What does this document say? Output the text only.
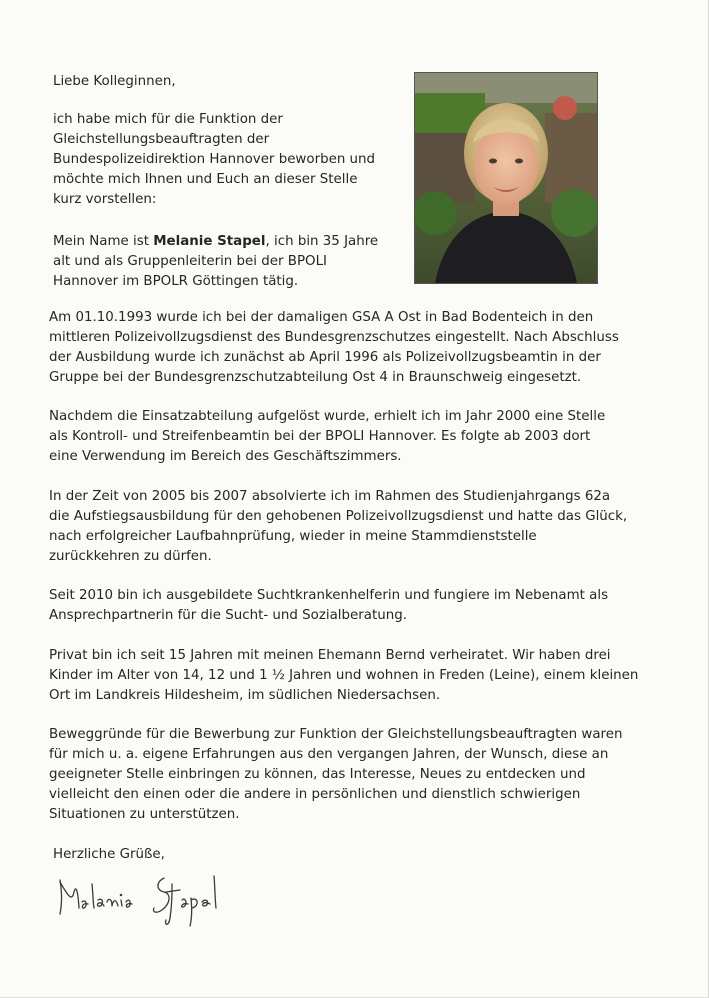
Liebe Kolleginnen,
ich habe mich für die Funktion der
Gleichstellungsbeauftragten der
Bundespolizeidirektion Hannover beworben und
möchte mich Ihnen und Euch an dieser Stelle
kurz vorstellen:
Mein Name ist Melanie Stapel, ich bin 35 Jahre
alt und als Gruppenleiterin bei der BPOLI
Hannover im BPOLR Göttingen tätig.
Am 01.10.1993 wurde ich bei der damaligen GSA A Ost in Bad Bodenteich in den
mittleren Polizeivollzugsdienst des Bundesgrenzschutzes eingestellt. Nach Abschluss
der Ausbildung wurde ich zunächst ab April 1996 als Polizeivollzugsbeamtin in der
Gruppe bei der Bundesgrenzschutzabteilung Ost 4 in Braunschweig eingesetzt.
Nachdem die Einsatzabteilung aufgelöst wurde, erhielt ich im Jahr 2000 eine Stelle
als Kontroll- und Streifenbeamtin bei der BPOLI Hannover. Es folgte ab 2003 dort
eine Verwendung im Bereich des Geschäftszimmers.
In der Zeit von 2005 bis 2007 absolvierte ich im Rahmen des Studienjahrgangs 62a
die Aufstiegsausbildung für den gehobenen Polizeivollzugsdienst und hatte das Glück,
nach erfolgreicher Laufbahnprüfung, wieder in meine Stammdienststelle
zurückkehren zu dürfen.
Seit 2010 bin ich ausgebildete Suchtkrankenhelferin und fungiere im Nebenamt als
Ansprechpartnerin für die Sucht- und Sozialberatung.
Privat bin ich seit 15 Jahren mit meinen Ehemann Bernd verheiratet. Wir haben drei
Kinder im Alter von 14, 12 und 1 ½ Jahren und wohnen in Freden (Leine), einem kleinen
Ort im Landkreis Hildesheim, im südlichen Niedersachsen.
Beweggründe für die Bewerbung zur Funktion der Gleichstellungsbeauftragten waren
für mich u. a. eigene Erfahrungen aus den vergangen Jahren, der Wunsch, diese an
geeigneter Stelle einbringen zu können, das Interesse, Neues zu entdecken und
vielleicht den einen oder die andere in persönlichen und dienstlich schwierigen
Situationen zu unterstützen.
Herzliche Grüße,
